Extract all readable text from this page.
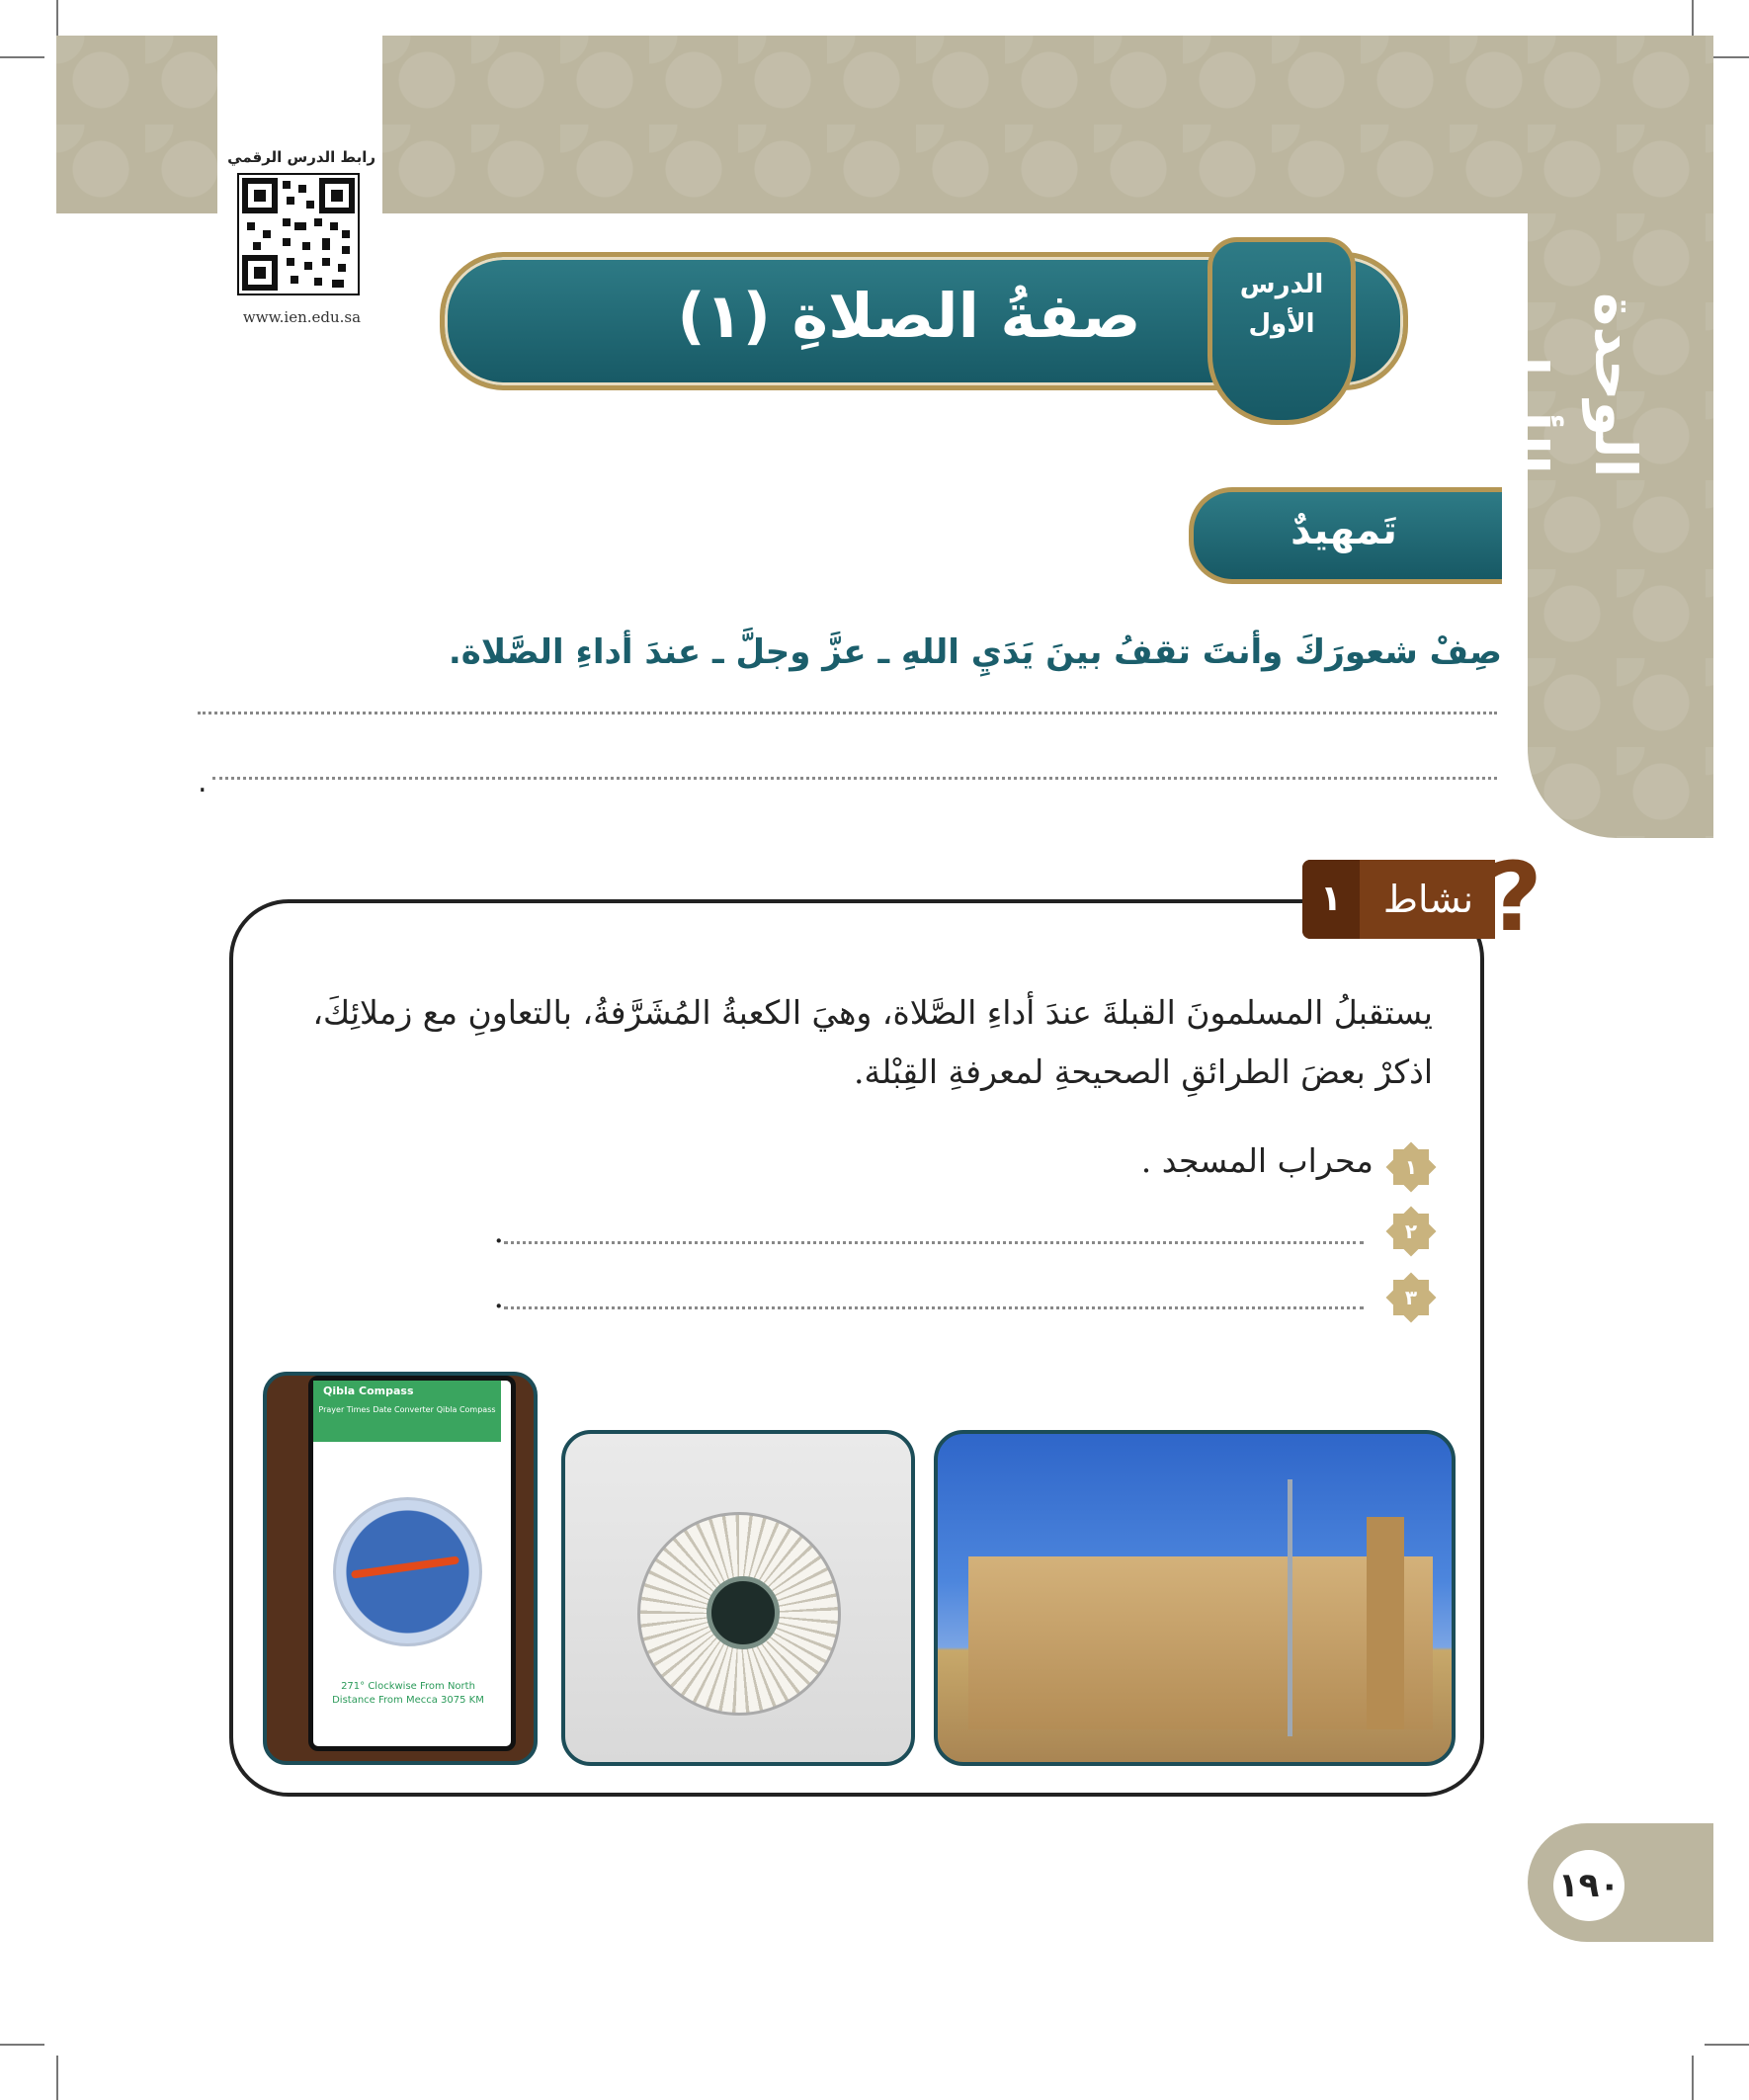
الوحدة الأولى
رابط الدرس الرقمي
www.ien.edu.sa	صفةُ الصلاةِ (١)	الدرس
الأول
تَمهيدٌ
صِفْ شعورَكَ وأنتَ تقفُ بينَ يَدَيِ اللهِ ـ عزَّ وجلَّ ـ عندَ أداءِ الصَّلاة.
.
١	نشاط ?
يستقبلُ المسلمونَ القبلةَ عندَ أداءِ الصَّلاة، وهيَ الكعبةُ المُشَرَّفةُ، بالتعاونِ مع زملائِكَ، اذكرْ بعضَ الطرائقِ الصحيحةِ لمعرفةِ القِبْلة.
١
محراب المسجد .
٢
.
٣
.
Qibla Compass
Prayer Times Date Converter Qibla Compass
271° Clockwise From North
Distance From Mecca 3075 KM
١٩٠
